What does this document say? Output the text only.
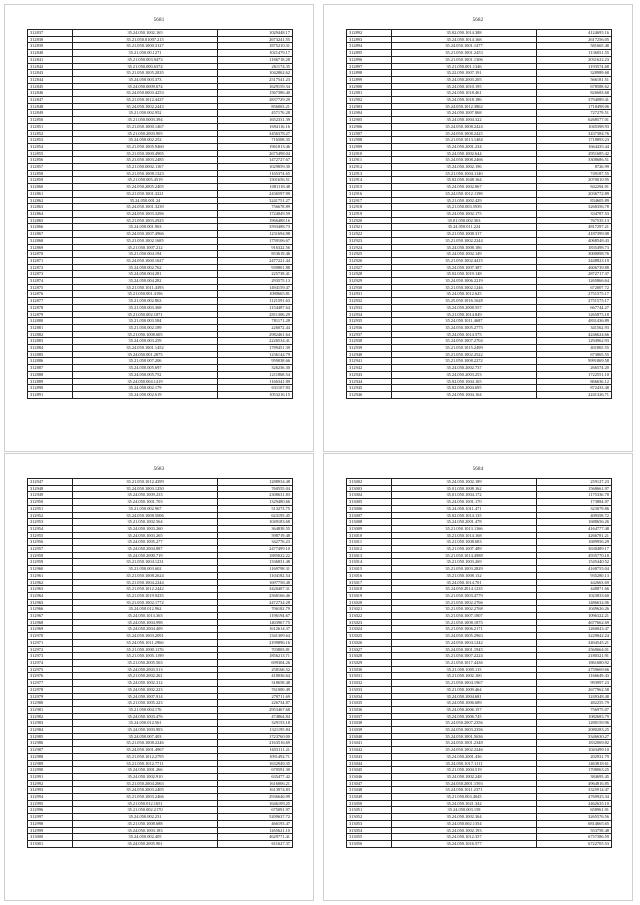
5681
312837	35.24.050.1002.165	1029448.17
312838	35.21.050.01007.215	2673241.55
312839	35.21.050.1000.3127	1875210.31
312840	35.21.050.00.1271	1021479.17
312841	35.21.050.003.9473	1186718.28
312842	35.21.050.000.6374	261174.35
312843	35.21.050.1005.2835	1042862.62
312844	35.24.050.003.373	2517541.23
312845	35.24.050.0009.674	1629159.34
312846	35.24.050.0003.4253	1567386.40
312847	35.21.050.1012.4437	2837729.29
312848	35.24.050.1002.2443	856063.21
312849	35.21.050.002.952	457176.28
312850	35.21.050.0003.394	1652331.39
312851	35.21.050.1000.1467	1694116.16
312852	35.21.050.2003.905	3456378.27
312853	35.24.050.002.252	716508.35
312854	35.21.050.1005.9460	1961813.46
312855	35.21.050.1000.4905	2675498.04
312856	35.21.050.1003.2485	1472727.67
312857	35.21.050.0002.1167	1029859.30
312858	35.21.050.1008.1323	1165374.65
312859	35.21.050.005.4519	1501656.51
312860	35.24.050.2005.2405	1081118.48
312861	35.21.050.1001.3221	2436597.99
312862	35.24.050.001.24	3241751.27
312863	35.24.050.1001.3239	756678.89
312864	35.24.050.1003.3296	1724049.59
312865	35.21.050.1003.2925	1966488.16
312866	35.24.050.001.963	3593488.73
312867	35.24.050.1007.4966	1231694.88
312868	35.21.050.1002.1685	1759106.67
312869	35.21.050.1007.212	916322.56
312870	35.21.050.004.194	853619.46
312871	35.24.050.1000.1627	2477221.44
312872	35.24.050.002.762	939801.88
312873	35.24.050.004.281	225738.41
312874	35.24.050.004.282	293575.13
312875	35.21.050.1011.4393	1494159.47
312876	35.21.050.001.4196	1080665.81
312877	35.21.050.002.863	1121591.63
312878	35.21.050.003.368	1154487.64
312879	35.21.050.002.1871	2811306.29
312880	35.21.050.003.584	781171.28
312881	35.21.050.002.189	226072.44
312882	35.21.050.1008.605	2982461.64
312883	35.24.050.003.259	2226534.41
312884	35.24.050.1001.1452	1789451.39
312885	35.24.050.001.2875	1236144.79
312886	35.21.050.007.206	959038.66
312887	35.24.050.005.697	326236.30
312888	35.24.050.005.752	1211868.54
312889	35.24.050.004.1419	1166341.89
312890	35.24.050.002.179	631107.83
312891	35.24.050.002.619	1053216.15
5682
312892	35.02.050.1014.388	4124695.16
312893	35.24.050.1014.168	2617256.05
312894	35.24.050.1001.1477	581665.48
312895	35.21.050.1001.2453	1136051.55
312896	35.21.050.1001.1306	2031622.23
312897	35.21.050.001.1346	1193574.68
312898	35.22.050.1007.191	328989.68
312899	35.24.050.2003.205	566181.51
312900	35.24.050.1010.195	678588.62
312901	35.24.050.1018.461	826683.68
312902	35.24.050.1018.186	3794089.41
312903	35.24.050.1012.3862	1718498.06
312904	35.24.050.1007.868	727279.51
312905	35.24.050.1004.322	6268577.01
312906	35.24.050.1008.2424	1045398.93
312907	35.24.050.1008.2425	3437384.76
312908	35.21.050.1013.1484	1718893.23
312909	35.24.050.2001.234	1664435.44
312910	35.24.050.1002.644	2951685.42
312911	35.24.050.1008.2466	3308686.51
312912	35.24.050.1002.196	8726.99
312913	35.21.050.1004.1140	749187.55
312914	35.02.050.1048.164	2070010.95
312915	35.24.050.1002.867	842294.91
312916	35.24.050.1012.1198	2036772.89
312917	35.21.050.1002.429	834605.89
312918	35.21.050.003.5939	3268356.78
312919	35.24.050.1002.175	334787.53
312920	35.01.050.002.363	767535.13
312921	35.24.050.011.224	4817297.21
312922	35.21.050.1008.317	4187399.08
312923	35.21.050.1002.2244	4068548.43
312924	35.24.050.1008.186	1835498.73
312925	35.24.050.1002.149	3000098.76
312926	35.21.050.1002.4415	3448823.19
312927	35.24.050.1007.387	4606739.88
312928	35.02.050.1019.148	2872717.37
312929	35.24.050.1006.2219	1265866.64
312930	35.21.050.1002.1246	672007.72
312931	35.24.050.1012.625	2751575.17
312932	35.25.050.1016.1628	2751575.17
312933	35.24.050.2008.557	667744.27
312934	35.21.050.1014.849	1265875.18
312935	35.24.050.1011.4687	4831436.89
312936	35.24.050.1005.2775	341562.93
312937	35.24.050.1014.575	4246624.66
312938	35.24.050.1007.2704	1294962.93
312939	35.21.050.1015.2499	401865.55
312940	35.21.050.1002.2522	673865.55
312941	35.21.050.1008.2272	9991869.58
312942	35.24.050.2002.737	266574.20
312943	35.24.050.2003.253	1722551.10
312944	35.02.050.1004.165	866636.12
312945	35.02.050.2004.695	872433.48
312946	35.24.050.1004.164	2241326.71
5683
312947	35.21.050.1012.4399	1288934.48
312948	35.24.050.1003.1250	760555.04
312949	35.24.050.1009.233	2308631.83
312950	35.24.050.1001.703	1329480.66
312951	35.21.050.002.967	513273.75
312952	35.24.050.1008.5006	623195.45
312953	35.21.050.1002.564	1049183.68
312954	35.24.050.1003.260	364838.55
312955	35.24.050.1003.265	598719.48
312956	35.24.050.1005.277	342776.23
312957	35.24.050.2004.887	2477499.10
312958	35.24.050.2000.719	1885022.22
312959	35.21.050.1004.1231	1336831.48
312960	35.21.050.003.602	1169798.31
312961	35.21.050.1008.2624	1104182.54
312962	35.21.050.1004.2244	1697758.48
312963	35.21.050.1012.2442	3420407.31
312964	35.21.050.1019.9435	2568166.46
312965	35.21.050.1002.1772	2472734.28
312966	35.24.050.012.962	706182.79
312967	35.24.050.1013.363	1196194.67
312968	35.24.050.1004.998	1403967.75
312969	35.24.050.2004.409	1612614.37
312970	35.24.050.1003.2091	1341309.64
312971	35.24.050.1011.2966	2199896.16
312972	35.21.050.1000.1176	703803.81
312973	35.21.050.1005.1199	1856213.71
312974	35.21.050.2005.563	699304.26
312975	35.24.050.2003.513	258166.52
312976	35.21.050.2002.261	418036.64
312977	35.24.050.1002.312	318658.48
312978	35.24.050.1002.223	761000.49
312979	35.24.050.1007.914	270711.69
312980	35.21.050.1005.223	226734.87
312981	35.21.050.004.176	2953467.68
312982	35.24.050.1003.476	474864.84
312983	35.24.050.012.561	329153.18
312984	35.24.050.1003.903	1321195.84
312985	35.24.050.007.403	1723760.00
312986	35.21.050.1008.2246	2163516.69
312987	35.24.050.1001.4967	1653111.21
312988	35.21.050.1012.2795	1091492.71
312989	35.21.050.1012.7711	1632949.35
312990	35.24.050.1001.266	670591.30
312991	35.24.050.1002.910	635477.42
312992	35.21.050.2004.2063	1616006.21
312993	35.24.050.2003.2405	1613974.83
312994	35.21.050.1003.2466	2936646.99
312995	35.21.050.012.1651	1646109.25
312996	35.21.050.002.2170	675091.97
312997	35.24.050.002.231	5209637.72
312998	35.21.050.1008.688	466193.47
312999	35.24.050.1003.183	1265621.10
313000	35.24.050.002.405	4629771.41
313001	35.24.050.2005.901	611627.37
5684
313002	35.24.050.1002.189	259127.23
313003	35.01.050.1008.162	1568661.97
313004	35.01.050.1004.172	1175336.78
313005	35.24.050.1001.170	173884.07
313006	35.24.050.1011.471	323079.86
313007	35.02.050.1014.135	409358.72
313008	35.24.050.2001.478	1688656.26
313009	35.21.050.1013.1166	4164777.48
313010	35.21.050.1014.168	4266781.21
313011	35.21.050.1008.683	1689956.29
313012	35.21.050.1007.489	3630489.17
313013	35.21.050.1014.4988	4935770.18
313014	35.21.050.1003.269	1545440.52
313015	35.21.050.1003.2829	4168755.04
313016	35.21.050.1008.132	935280.13
313017	35.24.050.1014.701	442663.69
313018	35.24.050.2014.1235	448871.66
313019	35.21.050.1003.4779	1023833.60
313020	35.21.050.1002.2766	1486632.06
313021	35.21.050.1002.2768	1049626.26
313022	35.21.050.1007.1807	1096322.21
313023	35.21.050.1008.1875	4677662.69
313024	35.21.050.1006.2171	1260043.47
313025	35.24.050.1005.2963	3229842.24
313026	35.24.050.1004.1242	3404545.21
313027	35.24.050.1001.1945	2560664.01
313028	35.21.050.1007.2224	2180321.91
313029	35.21.050.1017.4436	1861680.92
313030	35.21.050.1005.115	2759669.66
313031	35.21.050.1002.100	1166649.43
313032	35.21.050.1004.1967	993997.23
313033	35.21.050.1009.464	2677962.58
313034	35.24.050.1004.681	1249348.48
313035	35.24.050.1006.689	482255.79
313036	35.24.050.2006.157	756975.07
313037	35.24.050.1006.745	1082683.79
313038	35.24.050.2007.2356	1280159.96
313039	35.24.050.1003.2356	2080283.25
313040	35.24.050.1001.5636	3346630.27
313041	35.24.050.1001.2348	1832069.82
313042	35.24.050.1002.2246	1043499.10
313043	35.24.050.2001.436	202931.79
313044	35.24.050.1017.1111	1463818.61
313045	35.21.050.1004.519	1708063.25
313046	35.24.050.1002.248	384695.45
313047	35.24.050.2001.1593	4964816.85
313048	35.24.050.1011.2371	3325914.47
313049	35.21.050.003.4045	4769925.34
313050	35.24.050.1021.342	2462635.10
313051	35.24.050.003.158	658961.91
313052	35.24.050.1002.364	3265576.56
313053	35.24.050.002.1354	6814665.65
313054	35.24.050.1002.193	553758.48
313055	35.24.050.1012.357	6757386.59
313056	35.24.050.1016.577	6722705.53
